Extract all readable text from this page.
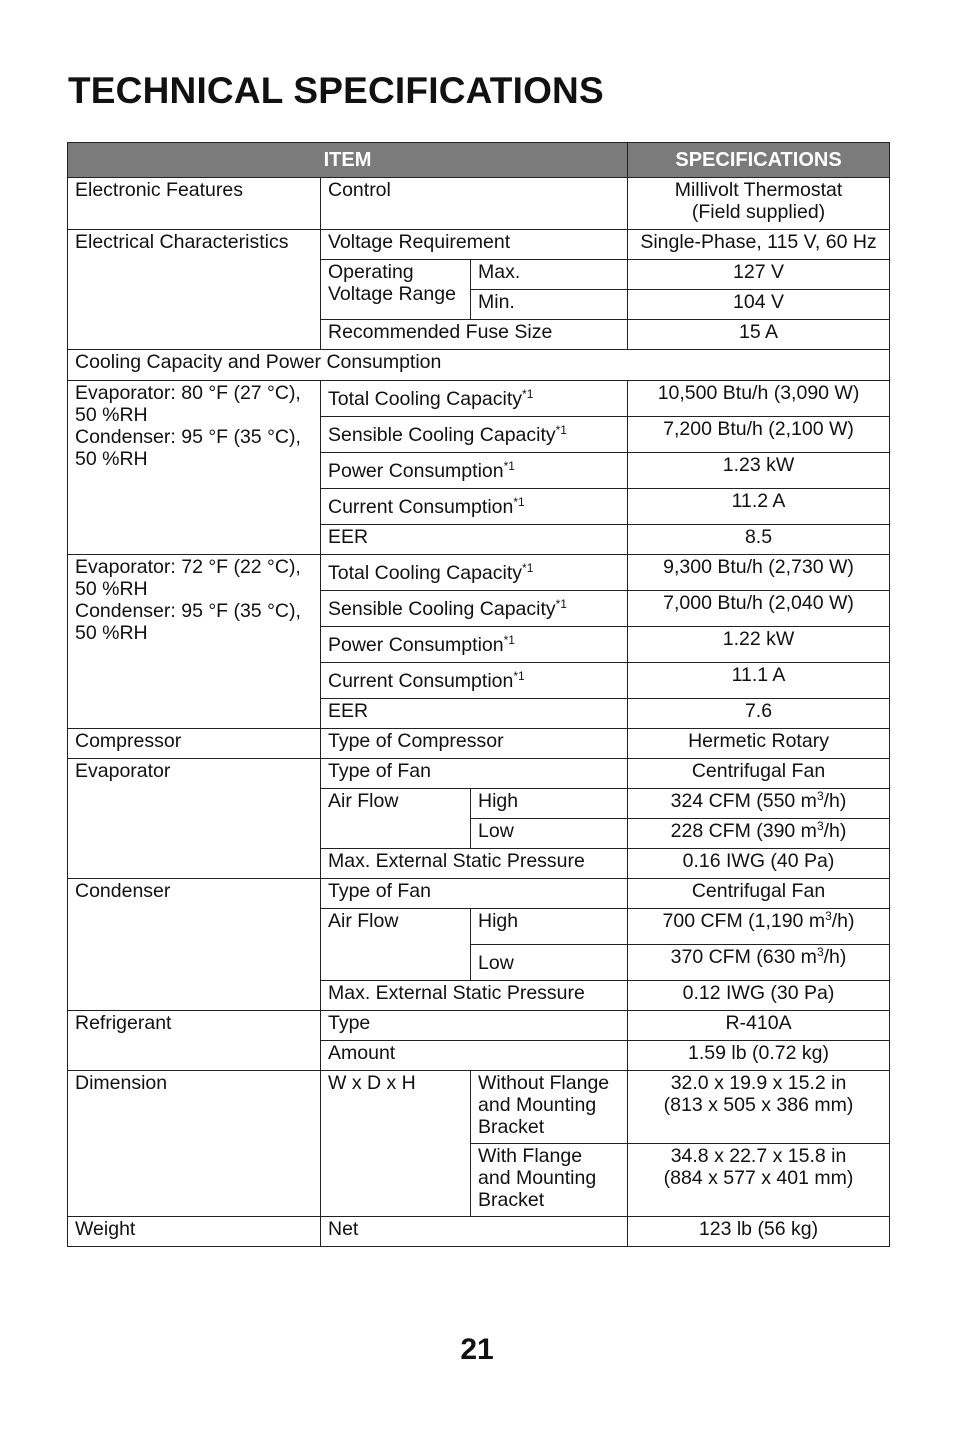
TECHNICAL SPECIFICATIONS
ITEM			SPECIFICATIONS
Electronic Features	Control		Millivolt Thermostat
(Field supplied)
Electrical Characteristics	Voltage Requirement		Single-Phase, 115 V, 60 Hz
	Operating
Voltage Range	Max.	127 V
		Min.	104 V
	Recommended Fuse Size		15 A
Cooling Capacity and Power Consumption			
Evaporator: 80 °F (27 °C),
50 %RH
Condenser: 95 °F (35 °C),
50 %RH	Total Cooling Capacity$^{*1}$		10,500 Btu/h (3,090 W)
	Sensible Cooling Capacity$^{*1}$		7,200 Btu/h (2,100 W)
	Power Consumption$^{*1}$		1.23 kW
	Current Consumption$^{*1}$		11.2 A
	EER		8.5
Evaporator: 72 °F (22 °C),
50 %RH
Condenser: 95 °F (35 °C),
50 %RH	Total Cooling Capacity$^{*1}$		9,300 Btu/h (2,730 W)
	Sensible Cooling Capacity$^{*1}$		7,000 Btu/h (2,040 W)
	Power Consumption$^{*1}$		1.22 kW
	Current Consumption$^{*1}$		11.1 A
	EER		7.6
Compressor	Type of Compressor		Hermetic Rotary
Evaporator	Type of Fan		Centrifugal Fan
	Air Flow	High	324 CFM (550 $m^3/h$)
		Low	228 CFM (390 $m^3/h$)
	Max. External Static Pressure		0.16 IWG (40 Pa)
Condenser	Type of Fan		Centrifugal Fan
	Air Flow	High	700 CFM (1,190 $m^3/h$)
		Low	370 CFM (630 $m^3/h$)
	Max. External Static Pressure		0.12 IWG (30 Pa)
Refrigerant	Type		R-410A
	Amount		1.59 lb (0.72 kg)
Dimension	W x D x H	Without Flange
and Mounting
Bracket	32.0 x 19.9 x 15.2 in
(813 x 505 x 386 mm)
		With Flange
and Mounting
Bracket	34.8 x 22.7 x 15.8 in
(884 x 577 x 401 mm)
Weight	Net		123 lb (56 kg)
21
